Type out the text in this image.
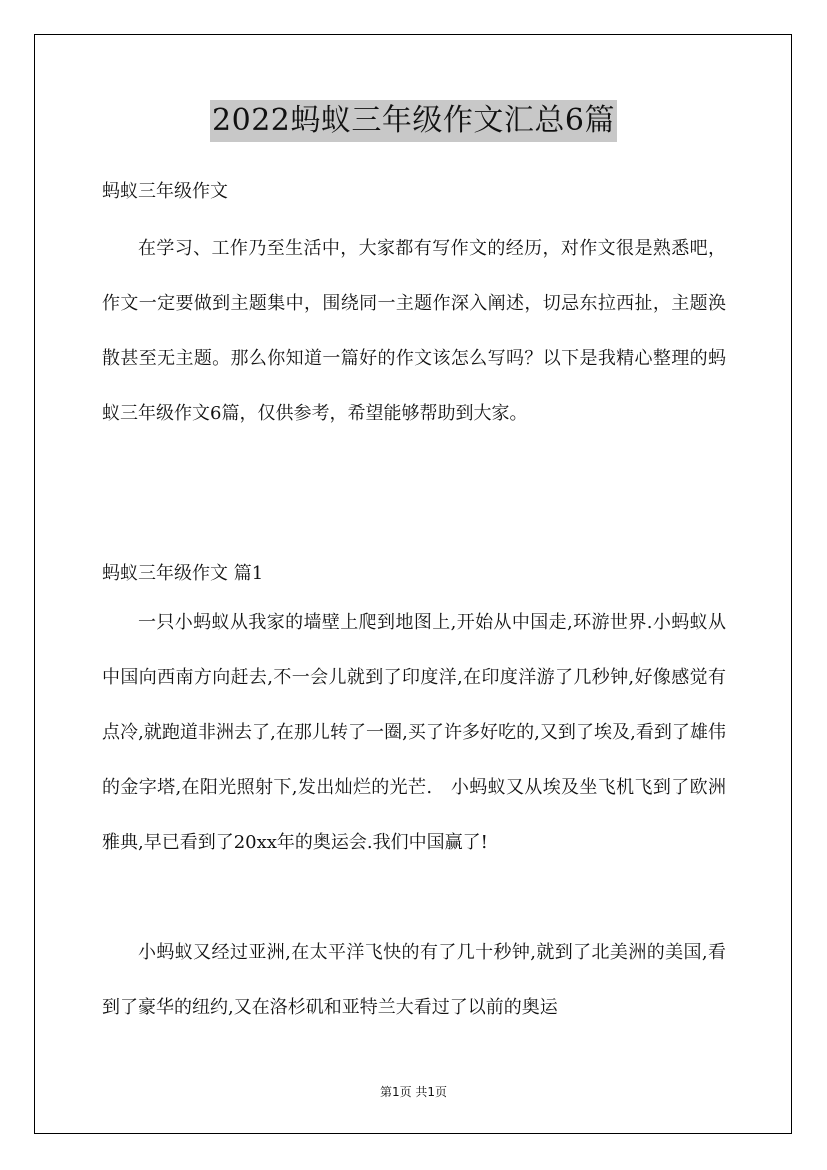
2022蚂蚁三年级作文汇总6篇

蚂蚁三年级作文

在学习、工作乃至生活中，大家都有写作文的经历，对作文很是熟悉吧，作文一定要做到主题集中，围绕同一主题作深入阐述，切忌东拉西扯，主题涣散甚至无主题。那么你知道一篇好的作文该怎么写吗？以下是我精心整理的蚂蚁三年级作文6篇，仅供参考，希望能够帮助到大家。

蚂蚁三年级作文 篇1

一只小蚂蚁从我家的墙壁上爬到地图上,开始从中国走,环游世界.小蚂蚁从中国向西南方向赶去,不一会儿就到了印度洋,在印度洋游了几秒钟,好像感觉有点冷,就跑道非洲去了,在那儿转了一圈,买了许多好吃的,又到了埃及,看到了雄伟的金字塔,在阳光照射下,发出灿烂的光芒.　小蚂蚁又从埃及坐飞机飞到了欧洲雅典,早已看到了20xx年的奥运会.我们中国赢了!

小蚂蚁又经过亚洲,在太平洋飞快的有了几十秒钟,就到了北美洲的美国,看到了豪华的纽约,又在洛杉矶和亚特兰大看过了以前的奥运

第1页 共1页
